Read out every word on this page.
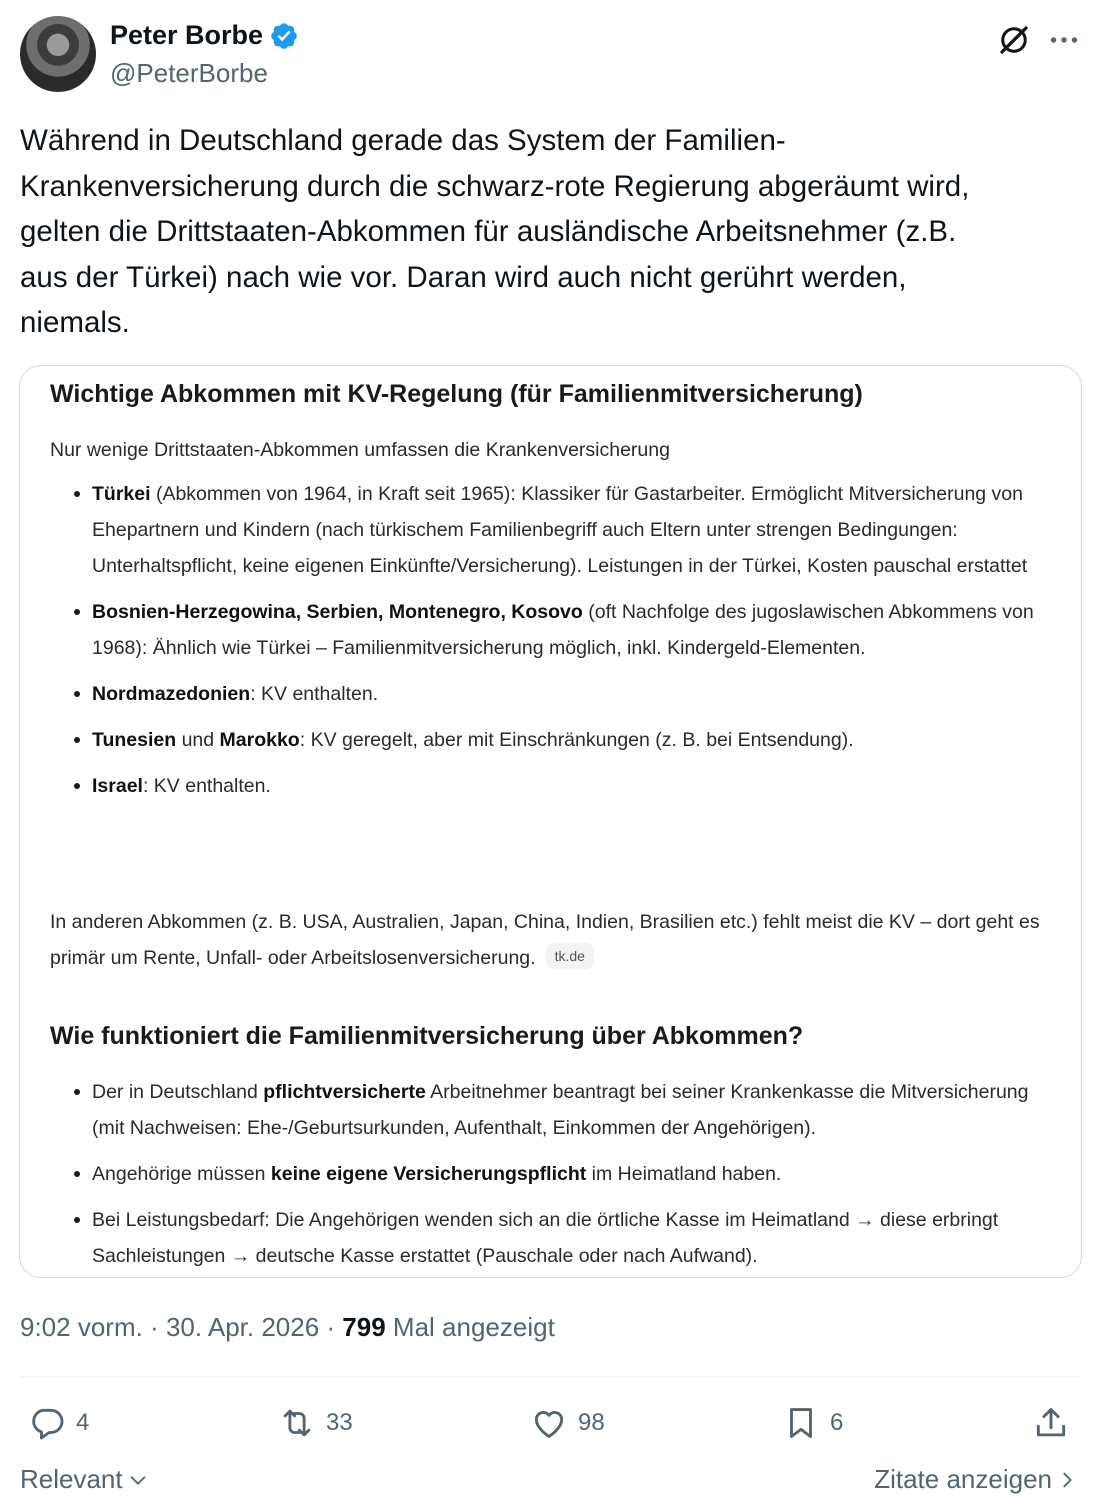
Peter Borbe
@PeterBorbe
Während in Deutschland gerade das System der Familien-
Krankenversicherung durch die schwarz-rote Regierung abgeräumt wird,
gelten die Drittstaaten-Abkommen für ausländische Arbeitsnehmer (z.B.
aus der Türkei) nach wie vor. Daran wird auch nicht gerührt werden,
niemals.
Wichtige Abkommen mit KV-Regelung (für Familienmitversicherung)

Nur wenige Drittstaaten-Abkommen umfassen die Krankenversicherung

Türkei (Abkommen von 1964, in Kraft seit 1965): Klassiker für Gastarbeiter. Ermöglicht Mitversicherung von Ehepartnern und Kindern (nach türkischem Familienbegriff auch Eltern unter strengen Bedingungen: Unterhaltspflicht, keine eigenen Einkünfte/Versicherung). Leistungen in der Türkei, Kosten pauschal erstattet
Bosnien-Herzegowina, Serbien, Montenegro, Kosovo (oft Nachfolge des jugoslawischen Abkommens von 1968): Ähnlich wie Türkei – Familienmitversicherung möglich, inkl. Kindergeld-Elementen.
Nordmazedonien: KV enthalten.
Tunesien und Marokko: KV geregelt, aber mit Einschränkungen (z. B. bei Entsendung).
Israel: KV enthalten.

In anderen Abkommen (z. B. USA, Australien, Japan, China, Indien, Brasilien etc.) fehlt meist die KV – dort geht es primär um Rente, Unfall- oder Arbeitslosenversicherung. tk.de

Wie funktioniert die Familienmitversicherung über Abkommen?
Der in Deutschland pflichtversicherte Arbeitnehmer beantragt bei seiner Krankenkasse die Mitversicherung (mit Nachweisen: Ehe-/Geburtsurkunden, Aufenthalt, Einkommen der Angehörigen).
Angehörige müssen keine eigene Versicherungspflicht im Heimatland haben.
Bei Leistungsbedarf: Die Angehörigen wenden sich an die örtliche Kasse im Heimatland → diese erbringt Sachleistungen → deutsche Kasse erstattet (Pauschale oder nach Aufwand).
9:02 vorm. · 30. Apr. 2026 · 799 Mal angezeigt
4	33	98	6
Relevant	Zitate anzeigen
